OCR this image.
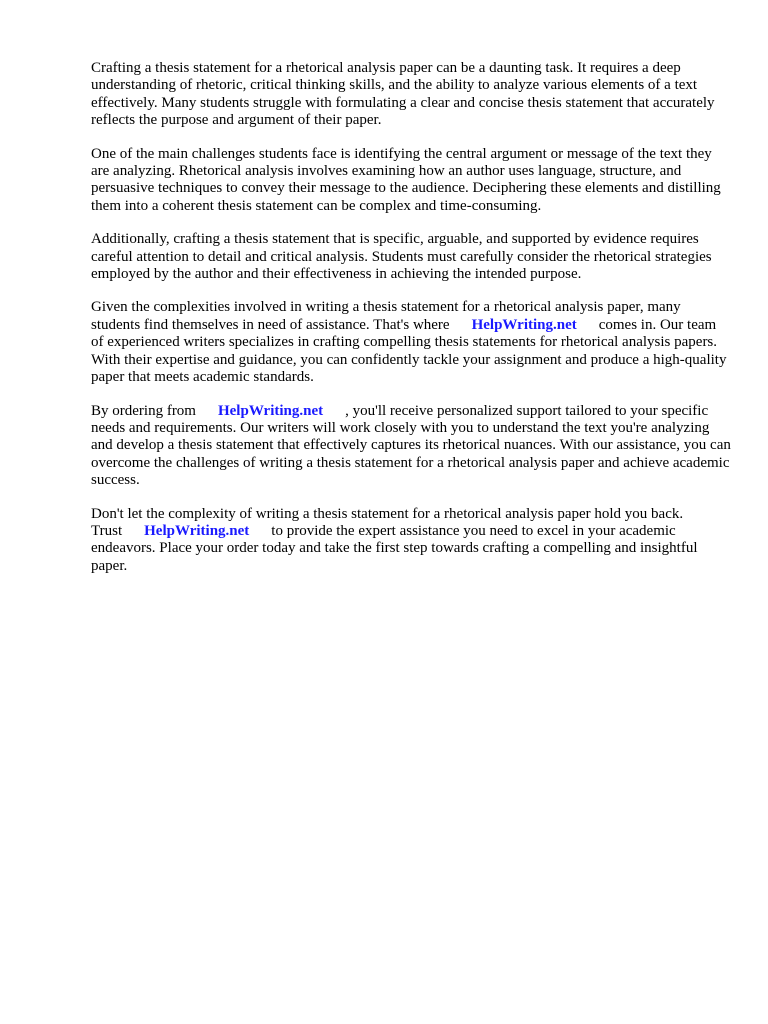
Crafting a thesis statement for a rhetorical analysis paper can be a daunting task. It requires a deep understanding of rhetoric, critical thinking skills, and the ability to analyze various elements of a text effectively. Many students struggle with formulating a clear and concise thesis statement that accurately reflects the purpose and argument of their paper.

One of the main challenges students face is identifying the central argument or message of the text they are analyzing. Rhetorical analysis involves examining how an author uses language, structure, and persuasive techniques to convey their message to the audience. Deciphering these elements and distilling them into a coherent thesis statement can be complex and time-consuming.

Additionally, crafting a thesis statement that is specific, arguable, and supported by evidence requires careful attention to detail and critical analysis. Students must carefully consider the rhetorical strategies employed by the author and their effectiveness in achieving the intended purpose.

Given the complexities involved in writing a thesis statement for a rhetorical analysis paper, many students find themselves in need of assistance. That's where HelpWriting.net comes in. Our team of experienced writers specializes in crafting compelling thesis statements for rhetorical analysis papers. With their expertise and guidance, you can confidently tackle your assignment and produce a high-quality paper that meets academic standards.

By ordering from HelpWriting.net , you'll receive personalized support tailored to your specific needs and requirements. Our writers will work closely with you to understand the text you're analyzing and develop a thesis statement that effectively captures its rhetorical nuances. With our assistance, you can overcome the challenges of writing a thesis statement for a rhetorical analysis paper and achieve academic success.

Don't let the complexity of writing a thesis statement for a rhetorical analysis paper hold you back. Trust HelpWriting.net to provide the expert assistance you need to excel in your academic endeavors. Place your order today and take the first step towards crafting a compelling and insightful paper.
